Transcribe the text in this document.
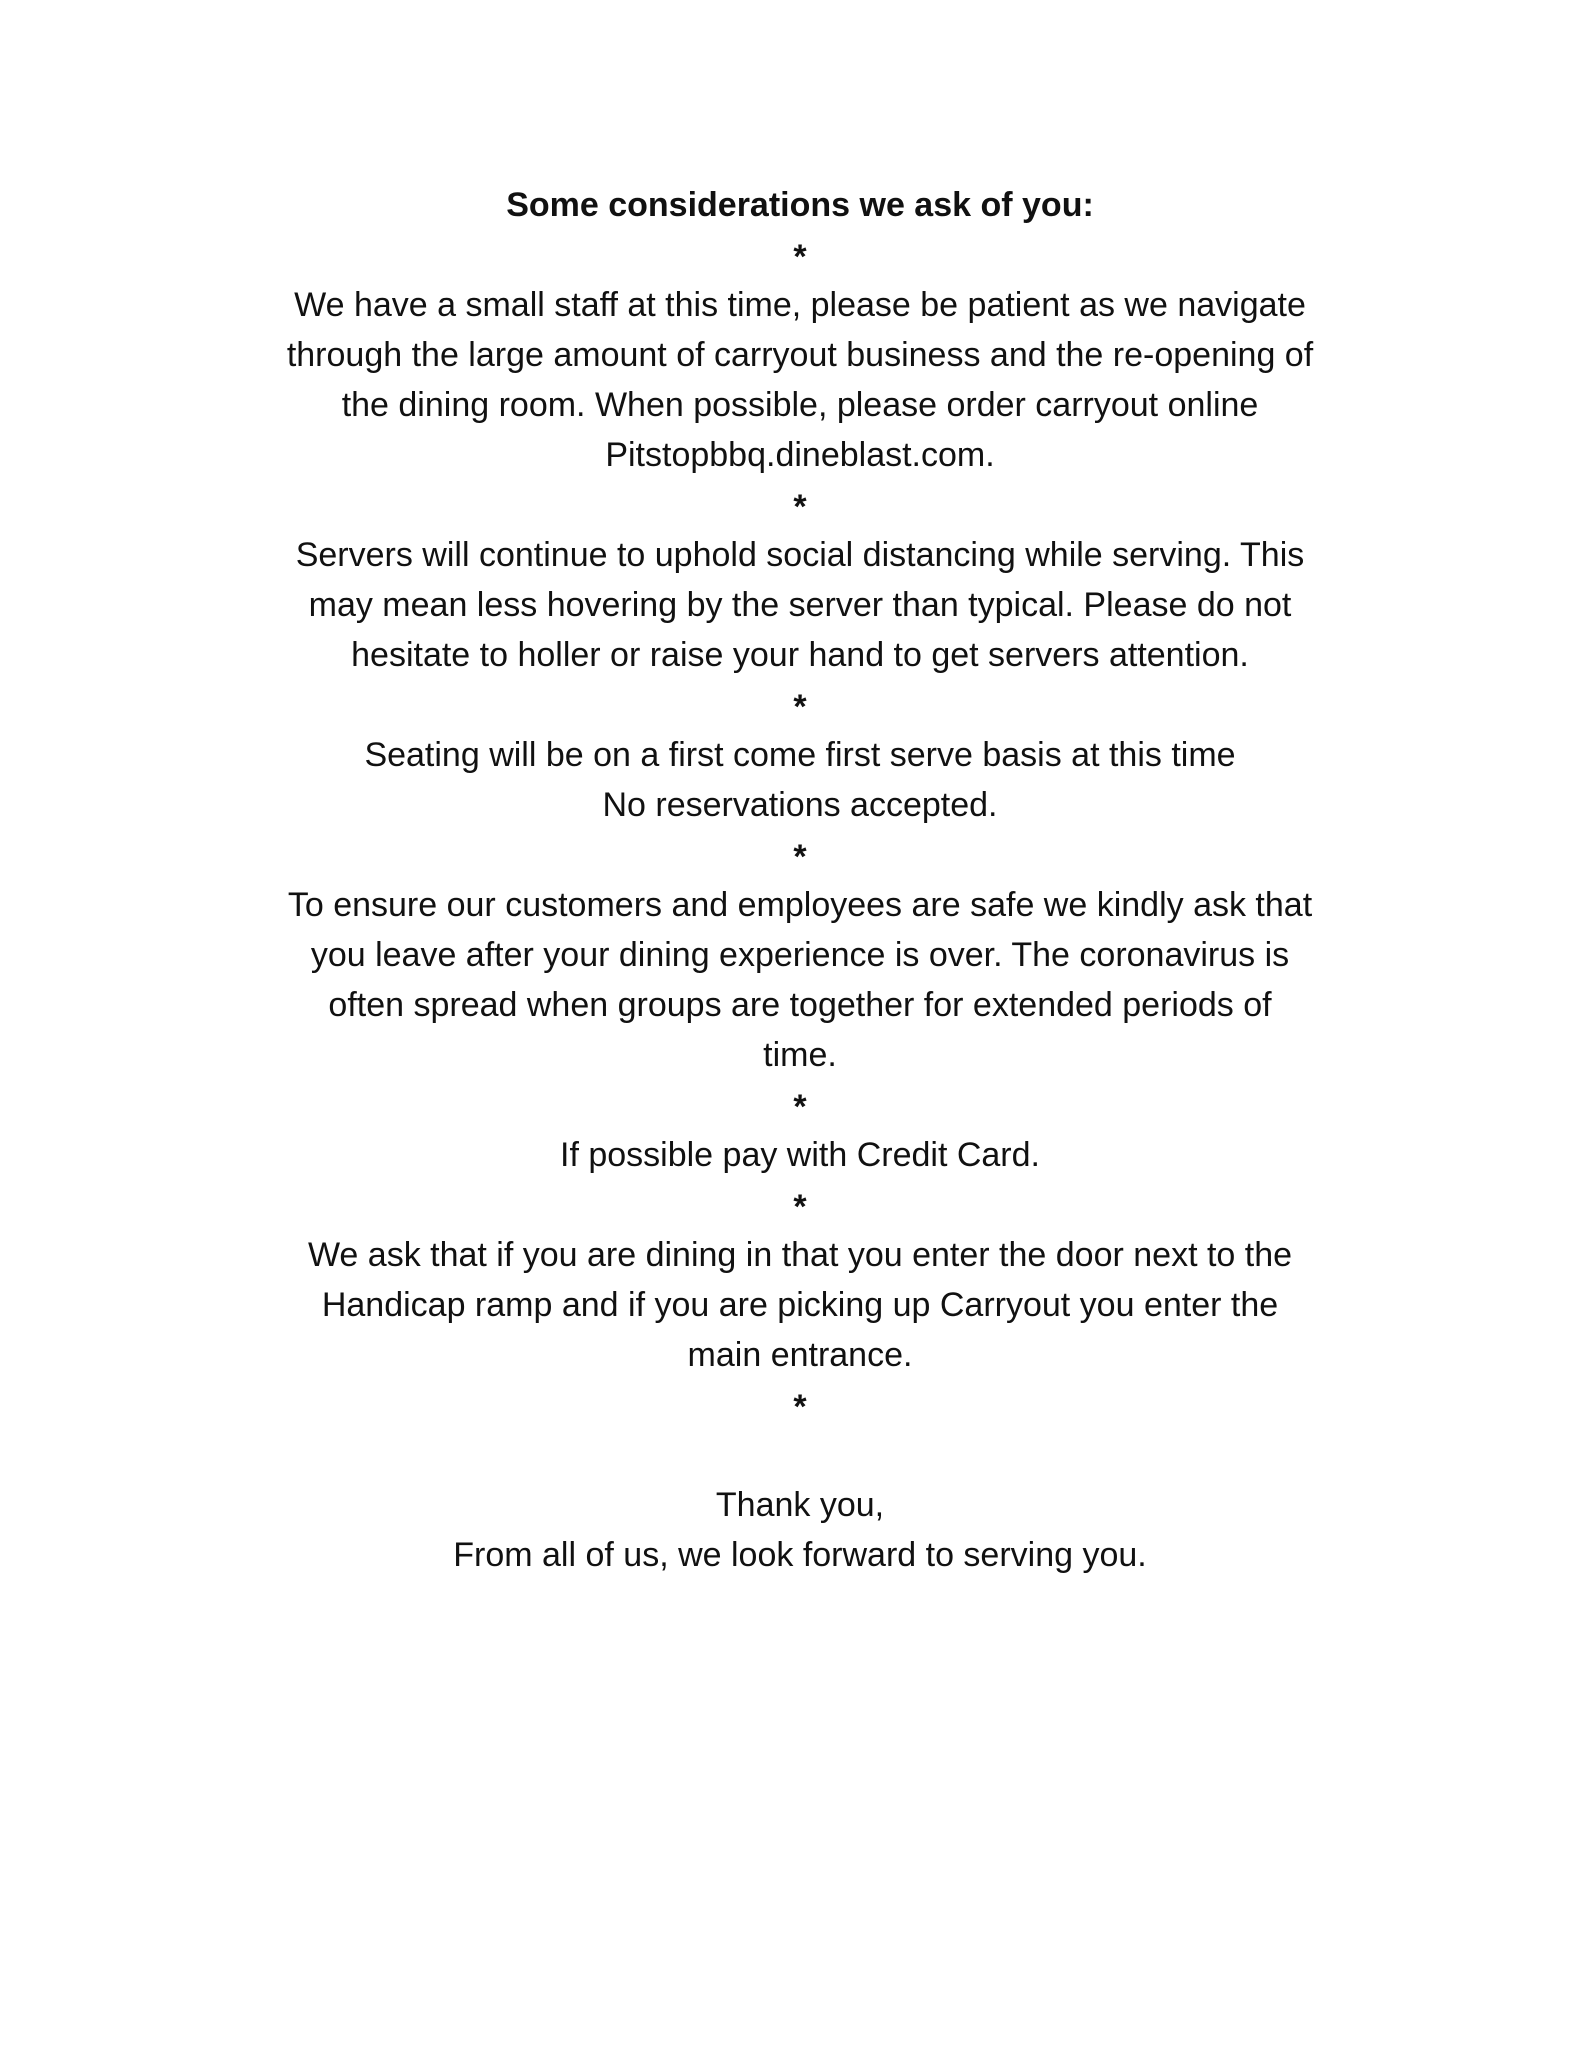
Some considerations we ask of you:

*

We have a small staff at this time, please be patient as we navigate
through the large amount of carryout business and the re-opening of
the dining room. When possible, please order carryout online
Pitstopbbq.dineblast.com.

*

Servers will continue to uphold social distancing while serving. This
may mean less hovering by the server than typical. Please do not
hesitate to holler or raise your hand to get servers attention.

*

Seating will be on a first come first serve basis at this time
No reservations accepted.

*

To ensure our customers and employees are safe we kindly ask that
you leave after your dining experience is over. The coronavirus is
often spread when groups are together for extended periods of
time.

*

If possible pay with Credit Card.

*

We ask that if you are dining in that you enter the door next to the
Handicap ramp and if you are picking up Carryout you enter the
main entrance.

*

Thank you,
From all of us, we look forward to serving you.
